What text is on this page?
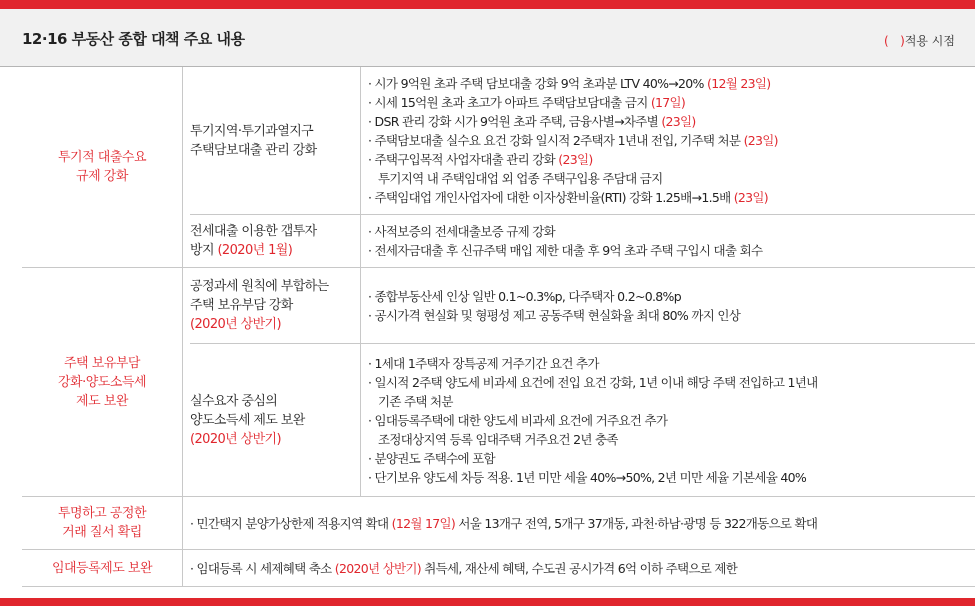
12·16 부동산 종합 대책 주요 내용	(   )적용 시점
투기적 대출수요
규제 강화
투기지역·투기과열지구
주택담보대출 관리 강화
· 시가 9억원 초과 주택 담보대출 강화 9억 초과분 LTV 40%→20% (12월 23일)
· 시세 15억원 초과 초고가 아파트 주택담보담대출 금지 (17일)
· DSR 관리 강화 시가 9억원 초과 주택, 금융사별→차주별 (23일)
· 주택담보대출 실수요 요건 강화 일시적 2주택자 1년내 전입, 기주택 처분 (23일)
· 주택구입목적 사업자대출 관리 강화 (23일)
투기지역 내 주택임대업 외 업종 주택구입용 주담대 금지
· 주택임대업 개인사업자에 대한 이자상환비율(RTI) 강화 1.25배→1.5배 (23일)
전세대출 이용한 갭투자
방지 (2020년 1월)
· 사적보증의 전세대출보증 규제 강화
· 전세자금대출 후 신규주택 매입 제한 대출 후 9억 초과 주택 구입시 대출 회수
주택 보유부담
강화·양도소득세
제도 보완
공정과세 원칙에 부합하는
주택 보유부담 강화
(2020년 상반기)
· 종합부동산세 인상 일반 0.1~0.3%p, 다주택자 0.2~0.8%p
· 공시가격 현실화 및 형평성 제고 공동주택 현실화율 최대 80% 까지 인상
실수요자 중심의
양도소득세 제도 보완
(2020년 상반기)
· 1세대 1주택자 장특공제 거주기간 요건 추가
· 일시적 2주택 양도세 비과세 요건에 전입 요건 강화, 1년 이내 해당 주택 전입하고 1년내
기존 주택 처분
· 임대등록주택에 대한 양도세 비과세 요건에 거주요건 추가
조정대상지역 등록 임대주택 거주요건 2년 충족
· 분양권도 주택수에 포함
· 단기보유 양도세 차등 적용. 1년 미만 세율 40%→50%, 2년 미만 세율 기본세율 40%
투명하고 공정한
거래 질서 확립
· 민간택지 분양가상한제 적용지역 확대 (12월 17일) 서울 13개구 전역, 5개구 37개동, 과천·하남·광명 등 322개동으로 확대
임대등록제도 보완	· 임대등록 시 세제혜택 축소 (2020년 상반기) 취득세, 재산세 혜택, 수도권 공시가격 6억 이하 주택으로 제한
